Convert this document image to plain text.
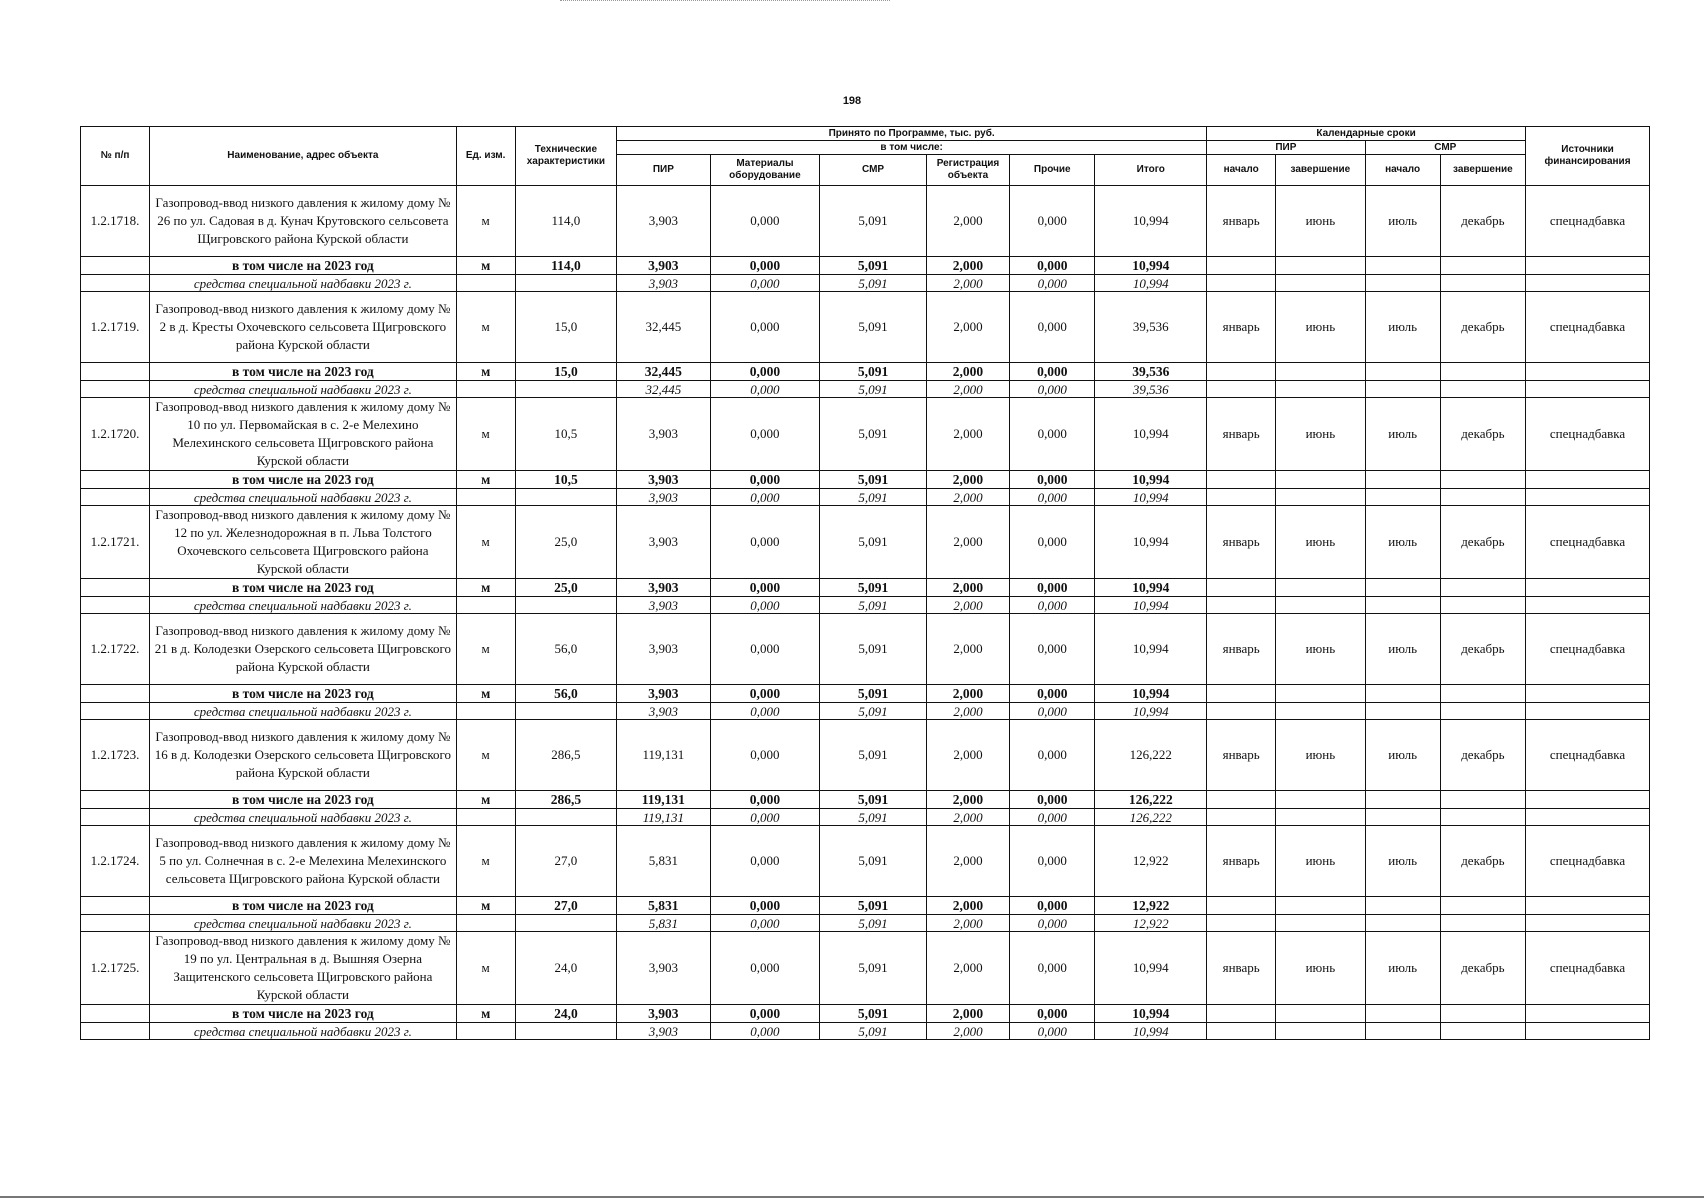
198
№ п/п	Наименование, адрес объекта	Ед. изм.	Технические характеристики	Принято по Программе, тыс. руб.						Календарные сроки				Источники финансирования
				в том числе:						ПИР		СМР		
				ПИР	Материалы оборудование	СМР	Регистрация объекта	Прочие	Итого	начало	завершение	начало	завершение	
1.2.1718.	Газопровод-ввод низкого давления к жилому дому № 26 по ул. Садовая в д. Кунач Крутовского сельсовета Щигровского района Курской области	м	114,0	3,903	0,000	5,091	2,000	0,000	10,994	январь	июнь	июль	декабрь	спецнадбавка
	в том числе на 2023 год	м	114,0	3,903	0,000	5,091	2,000	0,000	10,994					
	средства специальной надбавки 2023 г.			3,903	0,000	5,091	2,000	0,000	10,994					
1.2.1719.	Газопровод-ввод низкого давления к жилому дому № 2 в д. Кресты Охочевского сельсовета Щигровского района Курской области	м	15,0	32,445	0,000	5,091	2,000	0,000	39,536	январь	июнь	июль	декабрь	спецнадбавка
	в том числе на 2023 год	м	15,0	32,445	0,000	5,091	2,000	0,000	39,536					
	средства специальной надбавки 2023 г.			32,445	0,000	5,091	2,000	0,000	39,536					
1.2.1720.	Газопровод-ввод низкого давления к жилому дому № 10 по ул. Первомайская в с. 2-е Мелехино Мелехинского сельсовета Щигровского района Курской области	м	10,5	3,903	0,000	5,091	2,000	0,000	10,994	январь	июнь	июль	декабрь	спецнадбавка
	в том числе на 2023 год	м	10,5	3,903	0,000	5,091	2,000	0,000	10,994					
	средства специальной надбавки 2023 г.			3,903	0,000	5,091	2,000	0,000	10,994					
1.2.1721.	Газопровод-ввод низкого давления к жилому дому № 12 по ул. Железнодорожная в п. Льва Толстого Охочевского сельсовета Щигровского района Курской области	м	25,0	3,903	0,000	5,091	2,000	0,000	10,994	январь	июнь	июль	декабрь	спецнадбавка
	в том числе на 2023 год	м	25,0	3,903	0,000	5,091	2,000	0,000	10,994					
	средства специальной надбавки 2023 г.			3,903	0,000	5,091	2,000	0,000	10,994					
1.2.1722.	Газопровод-ввод низкого давления к жилому дому № 21 в д. Колодезки Озерского сельсовета Щигровского района Курской области	м	56,0	3,903	0,000	5,091	2,000	0,000	10,994	январь	июнь	июль	декабрь	спецнадбавка
	в том числе на 2023 год	м	56,0	3,903	0,000	5,091	2,000	0,000	10,994					
	средства специальной надбавки 2023 г.			3,903	0,000	5,091	2,000	0,000	10,994					
1.2.1723.	Газопровод-ввод низкого давления к жилому дому № 16 в д. Колодезки Озерского сельсовета Щигровского района Курской области	м	286,5	119,131	0,000	5,091	2,000	0,000	126,222	январь	июнь	июль	декабрь	спецнадбавка
	в том числе на 2023 год	м	286,5	119,131	0,000	5,091	2,000	0,000	126,222					
	средства специальной надбавки 2023 г.			119,131	0,000	5,091	2,000	0,000	126,222					
1.2.1724.	Газопровод-ввод низкого давления к жилому дому № 5 по ул. Солнечная в с. 2-е Мелехина Мелехинского сельсовета Щигровского района Курской области	м	27,0	5,831	0,000	5,091	2,000	0,000	12,922	январь	июнь	июль	декабрь	спецнадбавка
	в том числе на 2023 год	м	27,0	5,831	0,000	5,091	2,000	0,000	12,922					
	средства специальной надбавки 2023 г.			5,831	0,000	5,091	2,000	0,000	12,922					
1.2.1725.	Газопровод-ввод низкого давления к жилому дому № 19 по ул. Центральная в д. Вышняя Озерна Защитенского сельсовета Щигровского района Курской области	м	24,0	3,903	0,000	5,091	2,000	0,000	10,994	январь	июнь	июль	декабрь	спецнадбавка
	в том числе на 2023 год	м	24,0	3,903	0,000	5,091	2,000	0,000	10,994					
	средства специальной надбавки 2023 г.			3,903	0,000	5,091	2,000	0,000	10,994					
